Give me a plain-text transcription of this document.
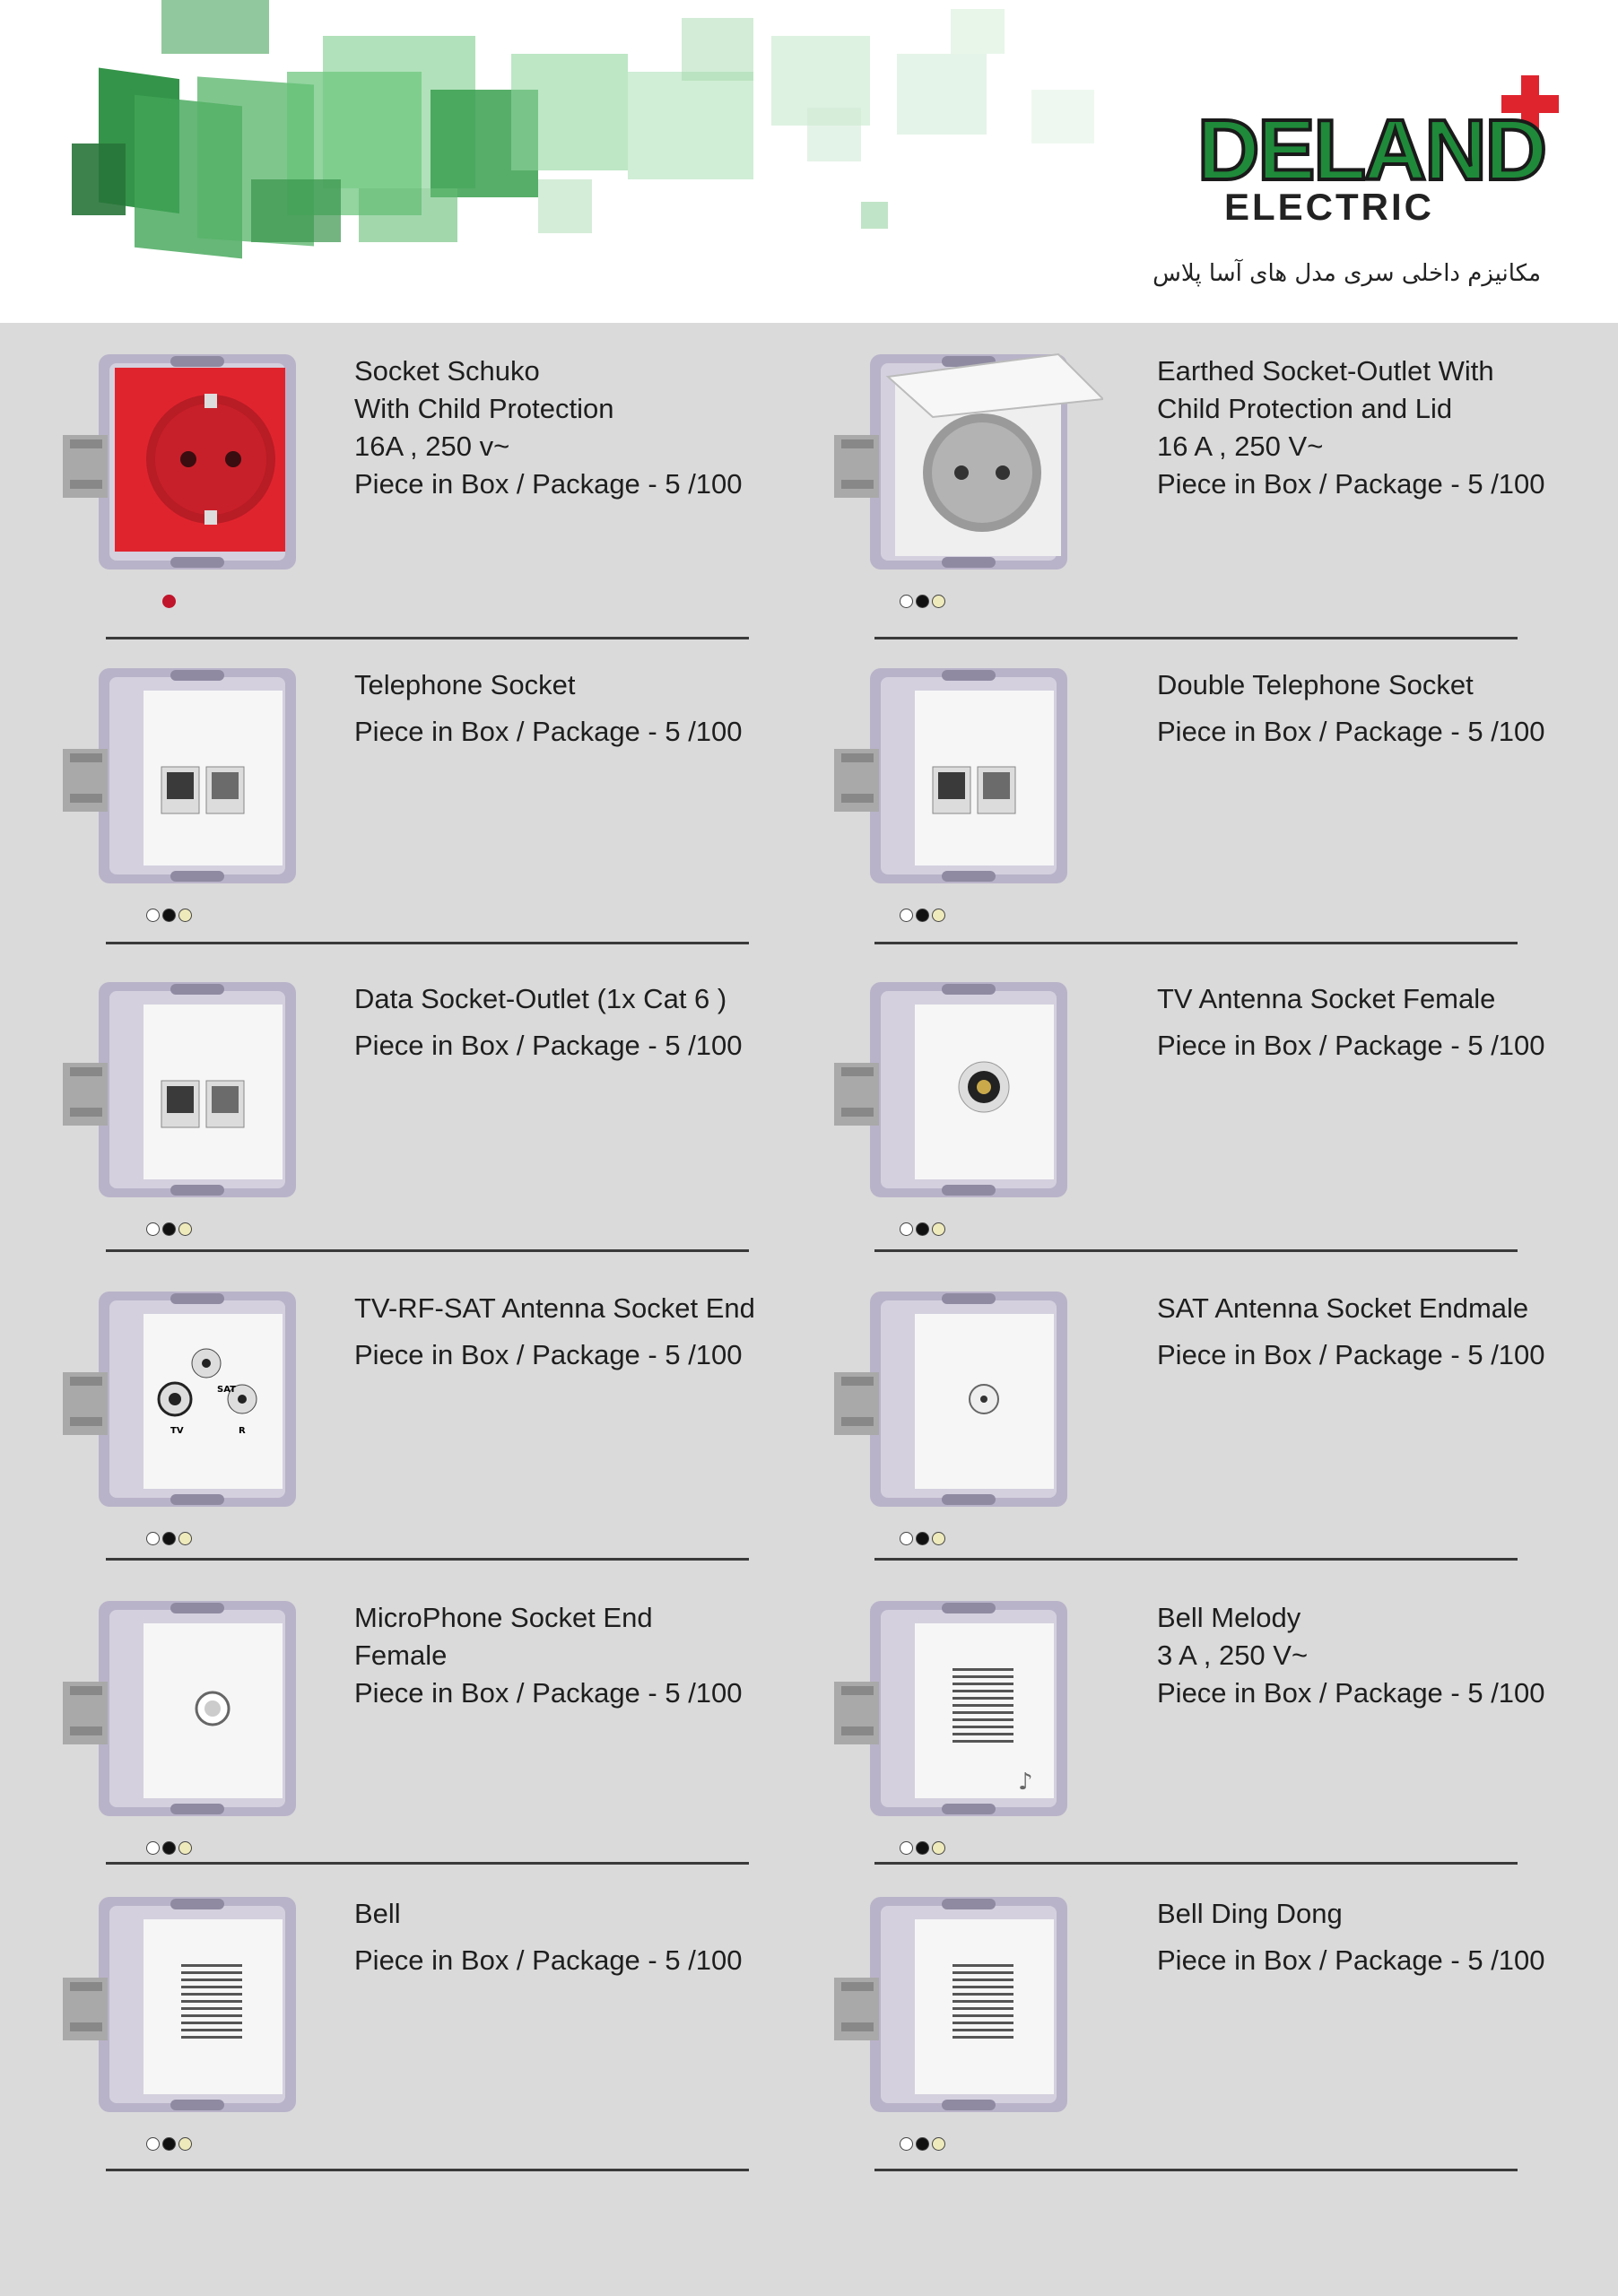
DELAND
ELECTRIC
مکانیزم داخلی سری مدل های آسا پلاس
Socket Schuko
With Child Protection
16A , 250 v~
Piece in Box / Package - 5 /100
Earthed Socket-Outlet With
Child Protection and Lid
16 A , 250 V~
Piece in Box / Package - 5 /100
Telephone Socket
Piece in Box / Package - 5 /100
Double Telephone Socket
Piece in Box / Package - 5 /100
Data Socket-Outlet (1x Cat 6 )
Piece in Box / Package - 5 /100
TV Antenna Socket Female
Piece in Box / Package - 5 /100
TV
SAT
R
TV-RF-SAT Antenna Socket End
Piece in Box / Package - 5 /100
SAT Antenna Socket Endmale
Piece in Box / Package - 5 /100
MicroPhone Socket End
Female
Piece in Box / Package - 5 /100
♪
Bell Melody
3 A , 250 V~
Piece in Box / Package - 5 /100
Bell
Piece in Box / Package - 5 /100
Bell Ding Dong
Piece in Box / Package - 5 /100
